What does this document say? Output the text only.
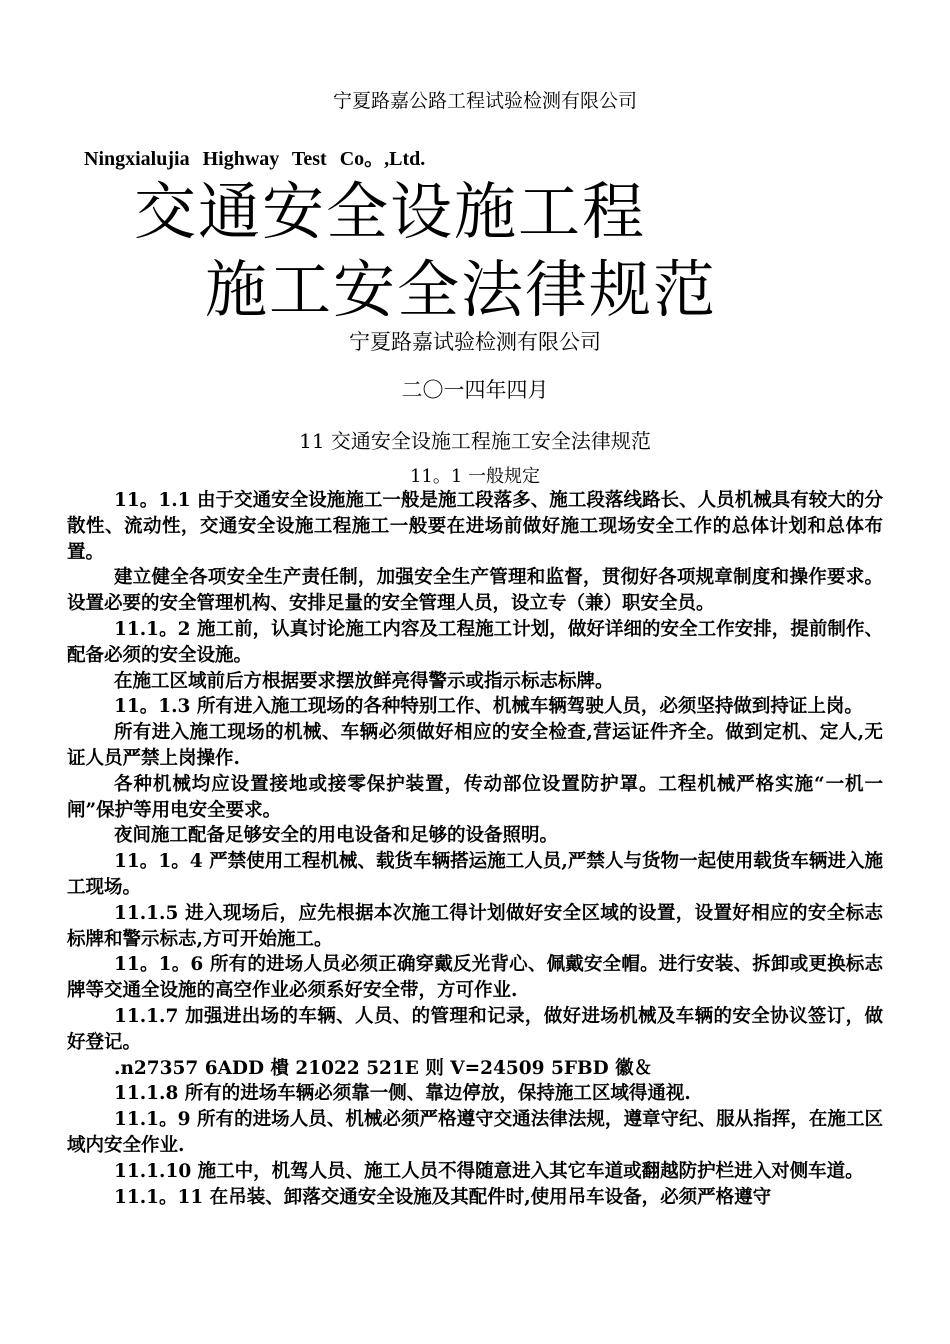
宁夏路嘉公路工程试验检测有限公司
Ningxialujia Highway Test Co。,Ltd.
交通安全设施工程
施工安全法律规范
宁夏路嘉试验检测有限公司
二〇一四年四月
11 交通安全设施工程施工安全法律规范
11。1 一般规定

11。1.1 由于交通安全设施施工一般是施工段落多、施工段落线路长、人员机械具有较大的分散性、流动性，交通安全设施工程施工一般要在进场前做好施工现场安全工作的总体计划和总体布置。

建立健全各项安全生产责任制，加强安全生产管理和监督，贯彻好各项规章制度和操作要求。设置必要的安全管理机构、安排足量的安全管理人员，设立专（兼）职安全员。

11.1。2 施工前，认真讨论施工内容及工程施工计划，做好详细的安全工作安排，提前制作、配备必须的安全设施。

在施工区域前后方根据要求摆放鲜亮得警示或指示标志标牌。

11。1.3 所有进入施工现场的各种特别工作、机械车辆驾驶人员，必须坚持做到持证上岗。

所有进入施工现场的机械、车辆必须做好相应的安全检查,营运证件齐全。做到定机、定人,无证人员严禁上岗操作.

各种机械均应设置接地或接零保护装置，传动部位设置防护罩。工程机械严格实施“一机一闸”保护等用电安全要求。

夜间施工配备足够安全的用电设备和足够的设备照明。

11。1。4 严禁使用工程机械、载货车辆搭运施工人员,严禁人与货物一起使用载货车辆进入施工现场。

11.1.5 进入现场后，应先根据本次施工得计划做好安全区域的设置，设置好相应的安全标志标牌和警示标志,方可开始施工。

11。1。6 所有的进场人员必须正确穿戴反光背心、佩戴安全帽。进行安装、拆卸或更换标志牌等交通全设施的高空作业必须系好安全带，方可作业.

11.1.7 加强进出场的车辆、人员、的管理和记录，做好进场机械及车辆的安全协议签订，做好登记。

.n27357 6ADD 樻 21022 521E 则 V=24509 5FBD 徽＆

11.1.8 所有的进场车辆必须靠一侧、靠边停放，保持施工区域得通视.

11.1。9 所有的进场人员、机械必须严格遵守交通法律法规，遵章守纪、服从指挥，在施工区域内安全作业.

11.1.10 施工中，机驾人员、施工人员不得随意进入其它车道或翻越防护栏进入对侧车道。

11.1。11 在吊装、卸落交通安全设施及其配件时,使用吊车设备，必须严格遵守
